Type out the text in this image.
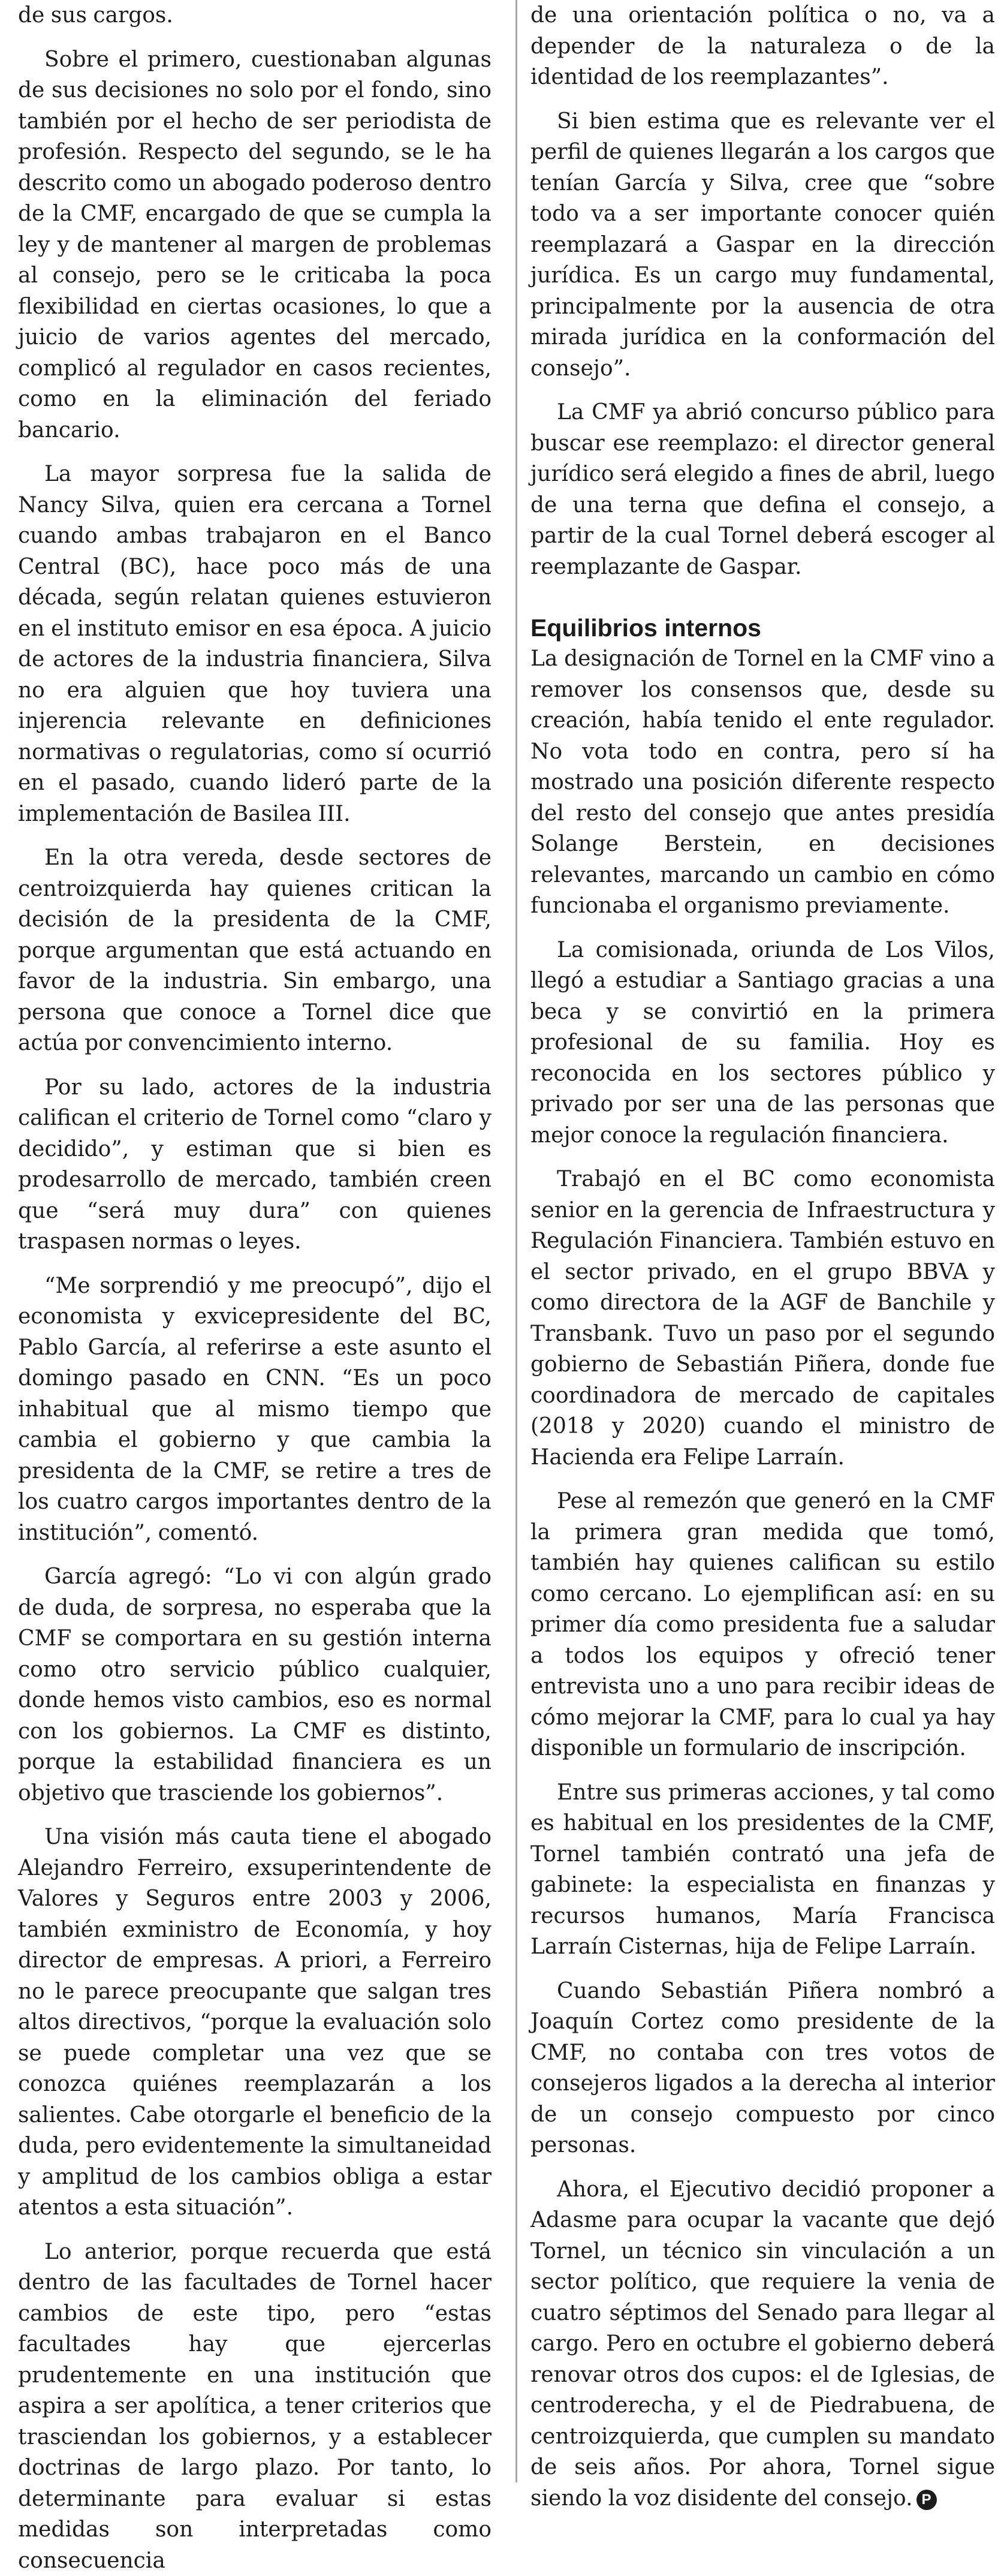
de sus cargos.

Sobre el primero, cuestionaban algunas de sus decisiones no solo por el fondo, sino también por el hecho de ser periodista de profesión. Respecto del segundo, se le ha descrito como un abogado poderoso dentro de la CMF, encargado de que se cumpla la ley y de mantener al margen de problemas al consejo, pero se le criticaba la poca flexibilidad en ciertas ocasiones, lo que a juicio de varios agentes del mercado, complicó al regulador en casos recientes, como en la eliminación del feriado bancario.

La mayor sorpresa fue la salida de Nancy Silva, quien era cercana a Tornel cuando ambas trabajaron en el Banco Central (BC), hace poco más de una década, según relatan quienes estuvieron en el instituto emisor en esa época. A juicio de actores de la industria financiera, Silva no era alguien que hoy tuviera una injerencia relevante en definiciones normativas o regulatorias, como sí ocurrió en el pasado, cuando lideró parte de la implementación de Basilea III.

En la otra vereda, desde sectores de centroizquierda hay quienes critican la decisión de la presidenta de la CMF, porque argumentan que está actuando en favor de la industria. Sin embargo, una persona que conoce a Tornel dice que actúa por convencimiento interno.

Por su lado, actores de la industria califican el criterio de Tornel como “claro y decidido”, y estiman que si bien es prodesarrollo de mercado, también creen que “será muy dura” con quienes traspasen normas o leyes.

“Me sorprendió y me preocupó”, dijo el economista y exvicepresidente del BC, Pablo García, al referirse a este asunto el domingo pasado en CNN. “Es un poco inhabitual que al mismo tiempo que cambia el gobierno y que cambia la presidenta de la CMF, se retire a tres de los cuatro cargos importantes dentro de la institución”, comentó.

García agregó: “Lo vi con algún grado de duda, de sorpresa, no esperaba que la CMF se comportara en su gestión interna como otro servicio público cualquier, donde hemos visto cambios, eso es normal con los gobiernos. La CMF es distinto, porque la estabilidad financiera es un objetivo que trasciende los gobiernos”.

Una visión más cauta tiene el abogado Alejandro Ferreiro, exsuperintendente de Valores y Seguros entre 2003 y 2006, también exministro de Economía, y hoy director de empresas. A priori, a Ferreiro no le parece preocupante que salgan tres altos directivos, “porque la evaluación solo se puede completar una vez que se conozca quiénes reemplazarán a los salientes. Cabe otorgarle el beneficio de la duda, pero evidentemente la simultaneidad y amplitud de los cambios obliga a estar atentos a esta situación”.

Lo anterior, porque recuerda que está dentro de las facultades de Tornel hacer cambios de este tipo, pero “estas facultades hay que ejercerlas prudentemente en una institución que aspira a ser apolítica, a tener criterios que trasciendan los gobiernos, y a establecer doctrinas de largo plazo. Por tanto, lo determinante para evaluar si estas medidas son interpretadas como consecuencia

de una orientación política o no, va a depender de la naturaleza o de la identidad de los reemplazantes”.

Si bien estima que es relevante ver el perfil de quienes llegarán a los cargos que tenían García y Silva, cree que “sobre todo va a ser importante conocer quién reemplazará a Gaspar en la dirección jurídica. Es un cargo muy fundamental, principalmente por la ausencia de otra mirada jurídica en la conformación del consejo”.

La CMF ya abrió concurso público para buscar ese reemplazo: el director general jurídico será elegido a fines de abril, luego de una terna que defina el consejo, a partir de la cual Tornel deberá escoger al reemplazante de Gaspar.

Equilibrios internos

La designación de Tornel en la CMF vino a remover los consensos que, desde su creación, había tenido el ente regulador. No vota todo en contra, pero sí ha mostrado una posición diferente respecto del resto del consejo que antes presidía Solange Berstein, en decisiones relevantes, marcando un cambio en cómo funcionaba el organismo previamente.

La comisionada, oriunda de Los Vilos, llegó a estudiar a Santiago gracias a una beca y se convirtió en la primera profesional de su familia. Hoy es reconocida en los sectores público y privado por ser una de las personas que mejor conoce la regulación financiera.

Trabajó en el BC como economista senior en la gerencia de Infraestructura y Regulación Financiera. También estuvo en el sector privado, en el grupo BBVA y como directora de la AGF de Banchile y Transbank. Tuvo un paso por el segundo gobierno de Sebastián Piñera, donde fue coordinadora de mercado de capitales (2018 y 2020) cuando el ministro de Hacienda era Felipe Larraín.

Pese al remezón que generó en la CMF la primera gran medida que tomó, también hay quienes califican su estilo como cercano. Lo ejemplifican así: en su primer día como presidenta fue a saludar a todos los equipos y ofreció tener entrevista uno a uno para recibir ideas de cómo mejorar la CMF, para lo cual ya hay disponible un formulario de inscripción.

Entre sus primeras acciones, y tal como es habitual en los presidentes de la CMF, Tornel también contrató una jefa de gabinete: la especialista en finanzas y recursos humanos, María Francisca Larraín Cisternas, hija de Felipe Larraín.

Cuando Sebastián Piñera nombró a Joaquín Cortez como presidente de la CMF, no contaba con tres votos de consejeros ligados a la derecha al interior de un consejo compuesto por cinco personas.

Ahora, el Ejecutivo decidió proponer a Adasme para ocupar la vacante que dejó Tornel, un técnico sin vinculación a un sector político, que requiere la venia de cuatro séptimos del Senado para llegar al cargo. Pero en octubre el gobierno deberá renovar otros dos cupos: el de Iglesias, de centroderecha, y el de Piedrabuena, de centroizquierda, que cumplen su mandato de seis años. Por ahora, Tornel sigue siendo la voz disidente del consejo. P
